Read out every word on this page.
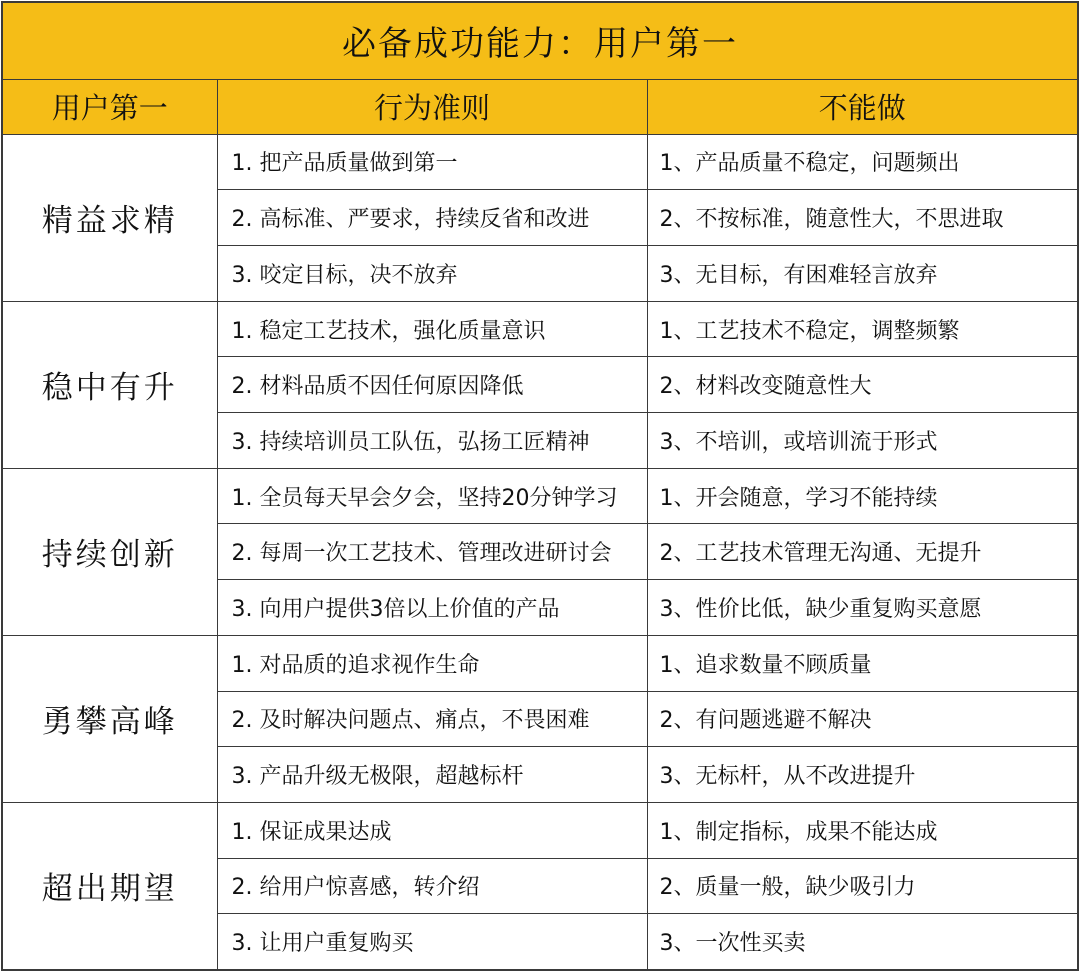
必备成功能力：用户第一		
用户第一	行为准则	不能做
精益求精	1. 把产品质量做到第一	1、产品质量不稳定，问题频出
	2. 高标准、严要求，持续反省和改进	2、不按标准，随意性大，不思进取
	3. 咬定目标，决不放弃	3、无目标，有困难轻言放弃
稳中有升	1. 稳定工艺技术，强化质量意识	1、工艺技术不稳定，调整频繁
	2. 材料品质不因任何原因降低	2、材料改变随意性大
	3. 持续培训员工队伍，弘扬工匠精神	3、不培训，或培训流于形式
持续创新	1. 全员每天早会夕会，坚持20分钟学习	1、开会随意，学习不能持续
	2. 每周一次工艺技术、管理改进研讨会	2、工艺技术管理无沟通、无提升
	3. 向用户提供3倍以上价值的产品	3、性价比低，缺少重复购买意愿
勇攀高峰	1. 对品质的追求视作生命	1、追求数量不顾质量
	2. 及时解决问题点、痛点，不畏困难	2、有问题逃避不解决
	3. 产品升级无极限，超越标杆	3、无标杆，从不改进提升
超出期望	1. 保证成果达成	1、制定指标，成果不能达成
	2. 给用户惊喜感，转介绍	2、质量一般，缺少吸引力
	3. 让用户重复购买	3、一次性买卖
